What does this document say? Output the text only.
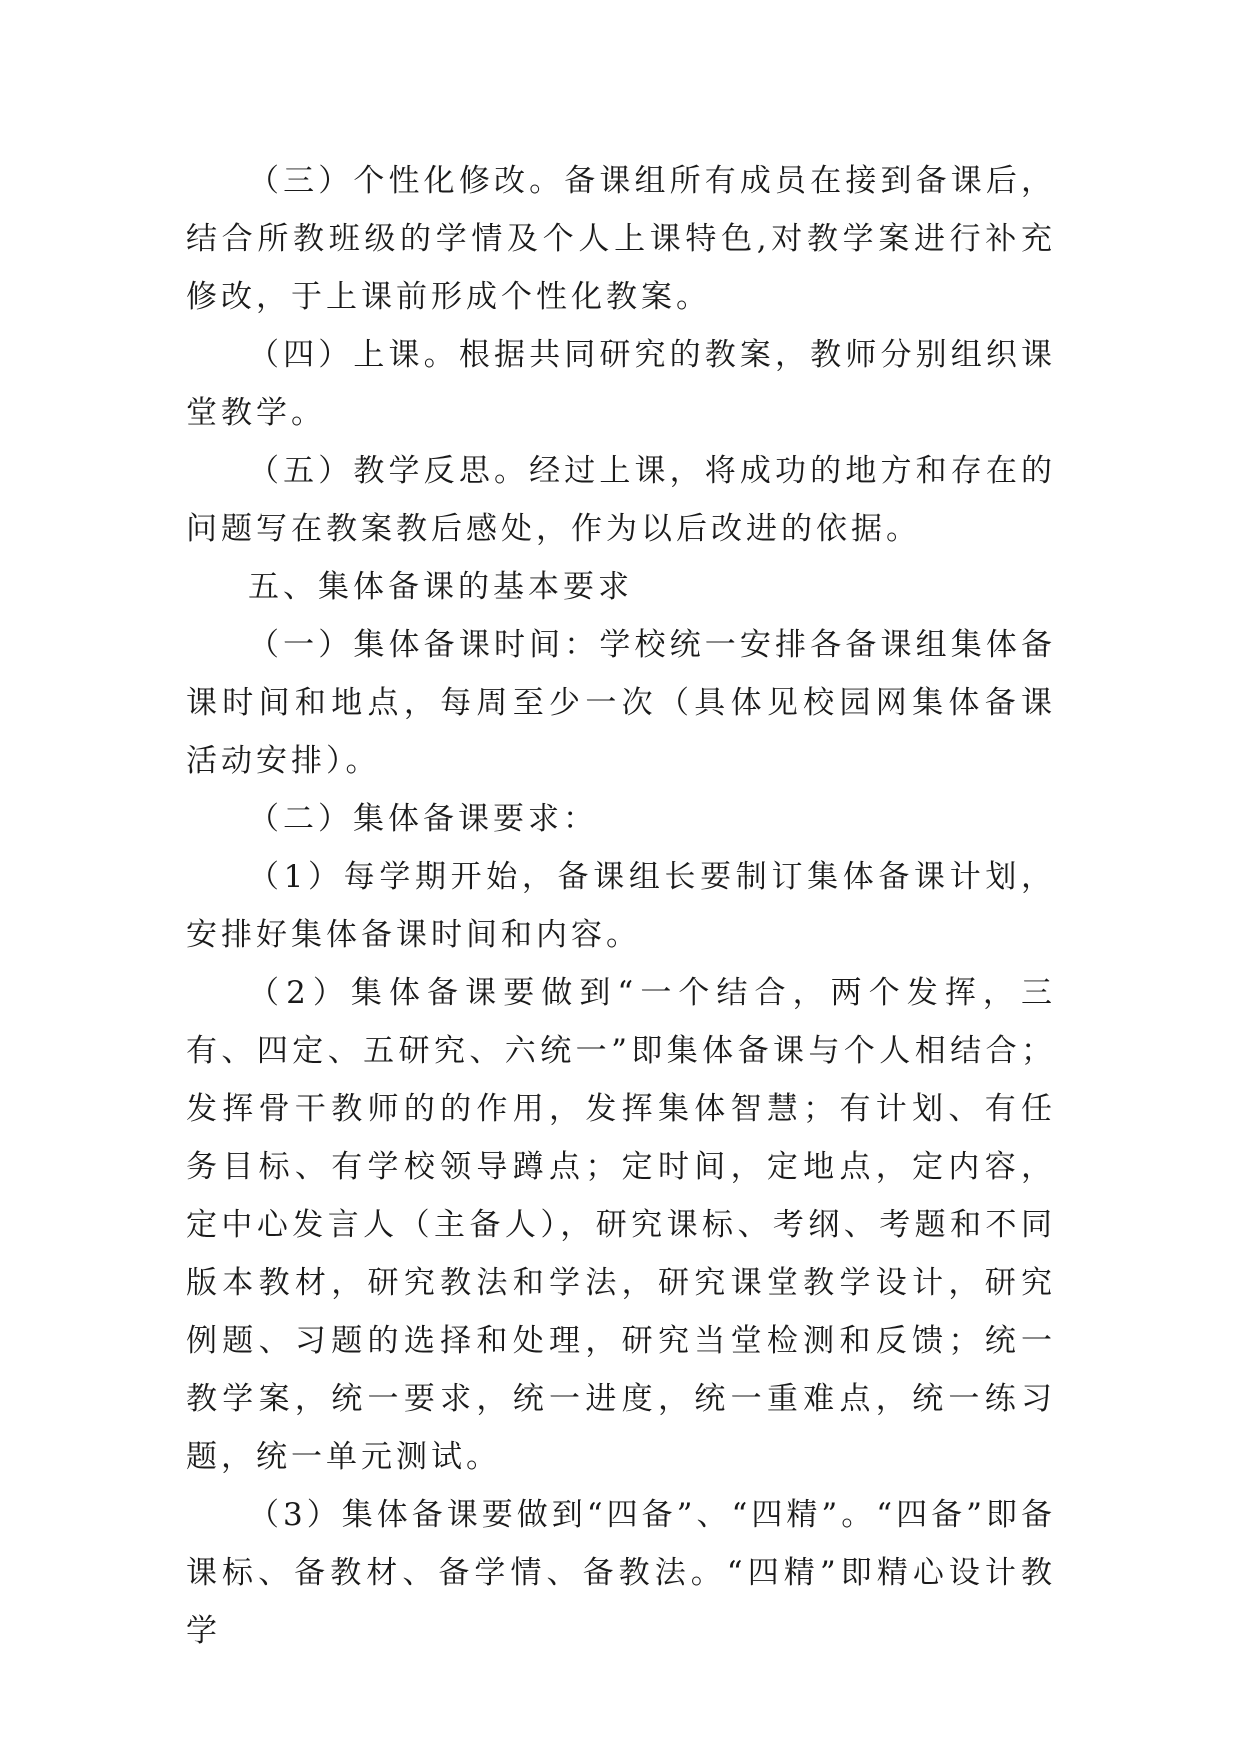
（三）个性化修改。备课组所有成员在接到备课后，结合所教班级的学情及个人上课特色,对教学案进行补充修改，于上课前形成个性化教案。

（四）上课。根据共同研究的教案，教师分别组织课堂教学。

（五）教学反思。经过上课，将成功的地方和存在的问题写在教案教后感处，作为以后改进的依据。

五、集体备课的基本要求

（一）集体备课时间：学校统一安排各备课组集体备课时间和地点，每周至少一次（具体见校园网集体备课活动安排）。

（二）集体备课要求：

（1）每学期开始，备课组长要制订集体备课计划，安排好集体备课时间和内容。

（2）集体备课要做到“一个结合，两个发挥，三有、四定、五研究、六统一”即集体备课与个人相结合；发挥骨干教师的的作用，发挥集体智慧；有计划、有任务目标、有学校领导蹲点；定时间，定地点，定内容，定中心发言人（主备人），研究课标、考纲、考题和不同版本教材，研究教法和学法，研究课堂教学设计，研究例题、习题的选择和处理，研究当堂检测和反馈；统一教学案，统一要求，统一进度，统一重难点，统一练习题，统一单元测试。

（3）集体备课要做到“四备”、“四精”。“四备”即备课标、备教材、备学情、备教法。“四精”即精心设计教学
